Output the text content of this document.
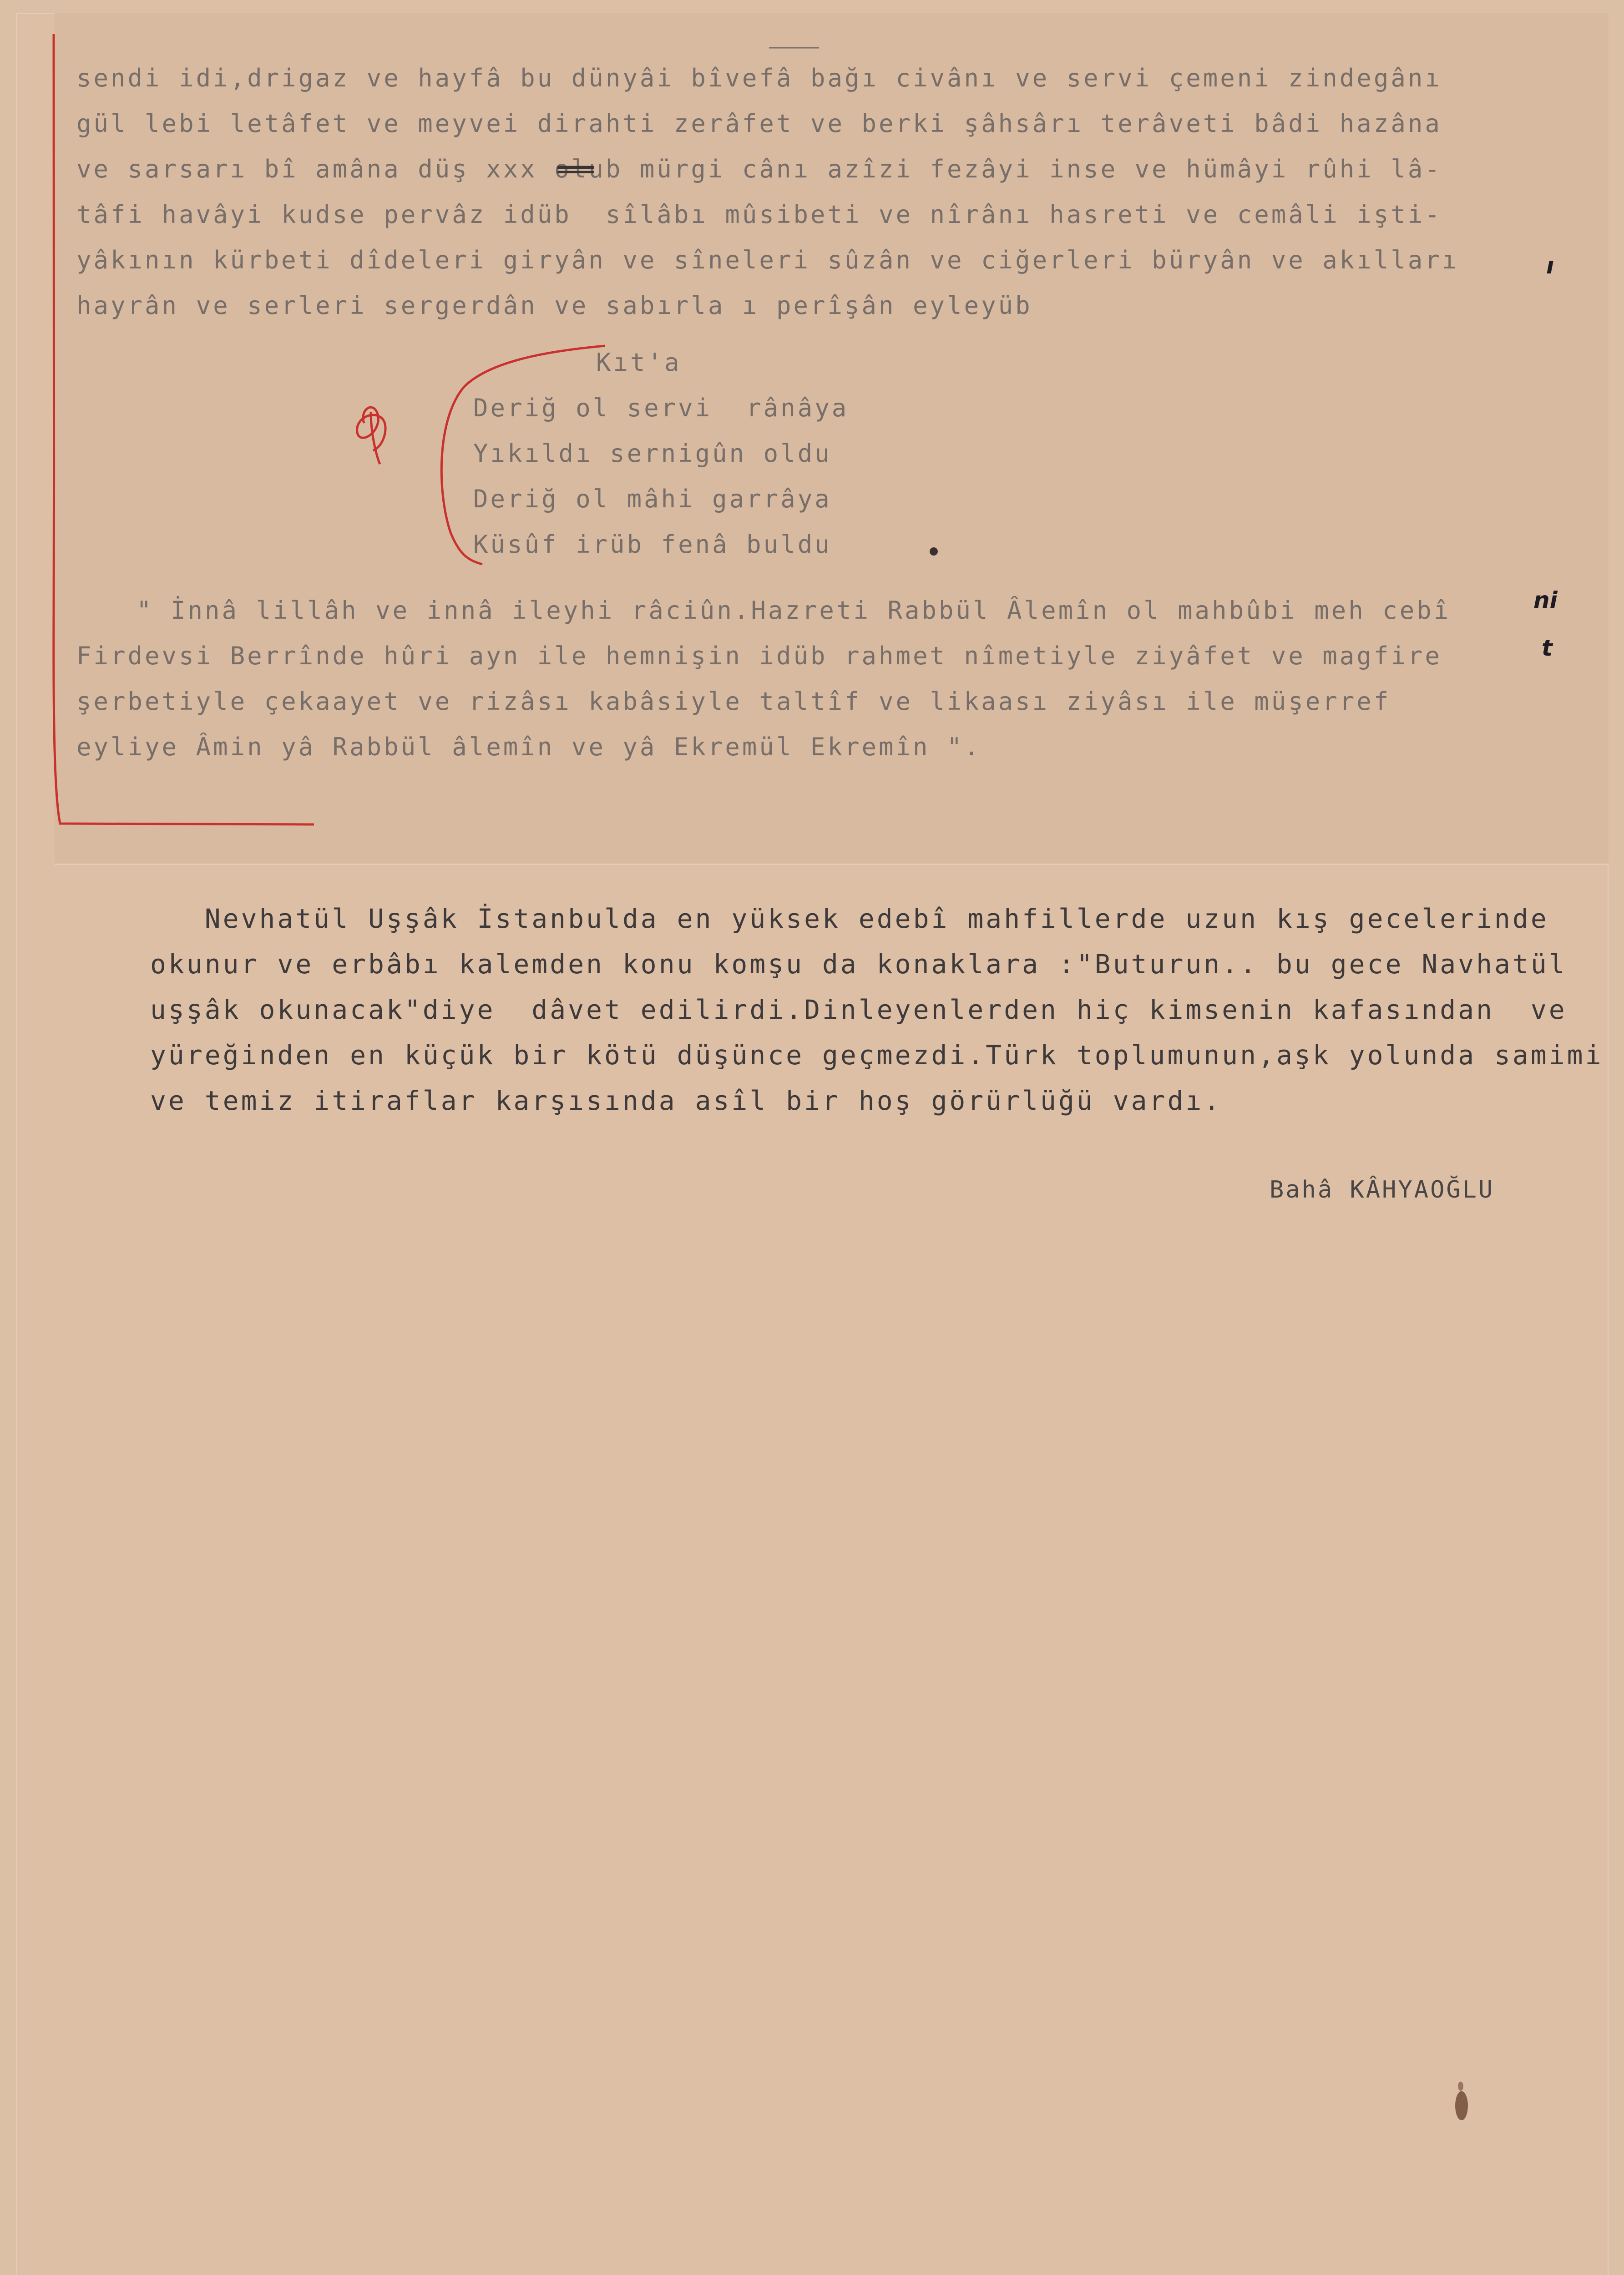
sendi idi,drigaz ve hayfâ bu dünyâi bîvefâ bağı civânı ve servi çemeni zindegânı
gül lebi letâfet ve meyvei dirahti zerâfet ve berki şâhsârı terâveti bâdi hazâna
ve sarsarı bî amâna düş xxx olub mürgi cânı azîzi fezâyi inse ve hümâyi rûhi lâ-
tâfi havâyi kudse pervâz idüb  sîlâbı mûsibeti ve nîrânı hasreti ve cemâli işti-
yâkının kürbeti dîdeleri giryân ve sîneleri sûzân ve ciğerleri büryân ve akılları
hayrân ve serleri sergerdân ve sabırla ı perîşân eyleyüb
Kıt'a
Deriğ ol servi  rânâya
Yıkıldı sernigûn oldu
Deriğ ol mâhi garrâya
Küsûf irüb fenâ buldu
" İnnâ lillâh ve innâ ileyhi râciûn.Hazreti Rabbül Âlemîn ol mahbûbi meh cebî
Firdevsi Berrînde hûri ayn ile hemnişin idüb rahmet nîmetiyle ziyâfet ve magfire
şerbetiyle çekaayet ve rizâsı kabâsiyle taltîf ve likaası ziyâsı ile müşerref
eyliye Âmin yâ Rabbül âlemîn ve yâ Ekremül Ekremîn ".
ni
t
ı
Nevhatül Uşşâk İstanbulda en yüksek edebî mahfillerde uzun kış gecelerinde
okunur ve erbâbı kalemden konu komşu da konaklara :"Buturun.. bu gece Navhatül
uşşâk okunacak"diye  dâvet edilirdi.Dinleyenlerden hiç kimsenin kafasından  ve
yüreğinden en küçük bir kötü düşünce geçmezdi.Türk toplumunun,aşk yolunda samimi
ve temiz itiraflar karşısında asîl bir hoş görürlüğü vardı.
Bahâ KÂHYAOĞLU
